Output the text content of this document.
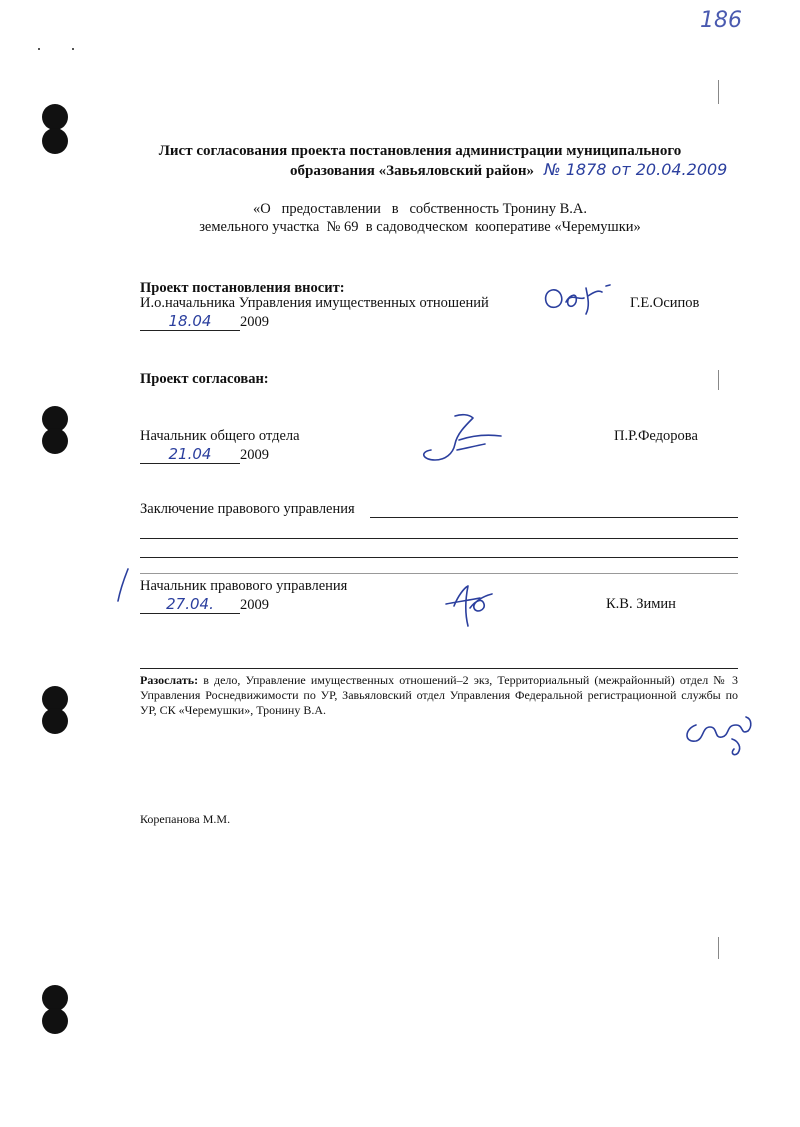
186
Лист согласования проекта постановления администрации муниципального
образования «Завьяловский район» № 1878 от 20.04.2009
«О   предоставлении   в   собственность Тронину В.А.
земельного участка  № 69  в садоводческом  кооперативе «Черемушки»
Проект постановления вносит:
И.о.начальника Управления имущественных отношений	Г.Е.Осипов
18.04 2009
Проект согласован:
Начальник общего отдела	П.Р.Федорова
21.04 2009
Заключение правового управления
Начальник правового управления
К.В. Зимин
27.04. 2009
Разослать: в дело, Управление имущественных отношений–2 экз, Территориальный (межрайонный) отдел № 3 Управления Роснедвижимости по УР, Завьяловский отдел Управления Федеральной регистрационной службы по УР, СК «Черемушки», Тронину В.А.
Корепанова М.М.
